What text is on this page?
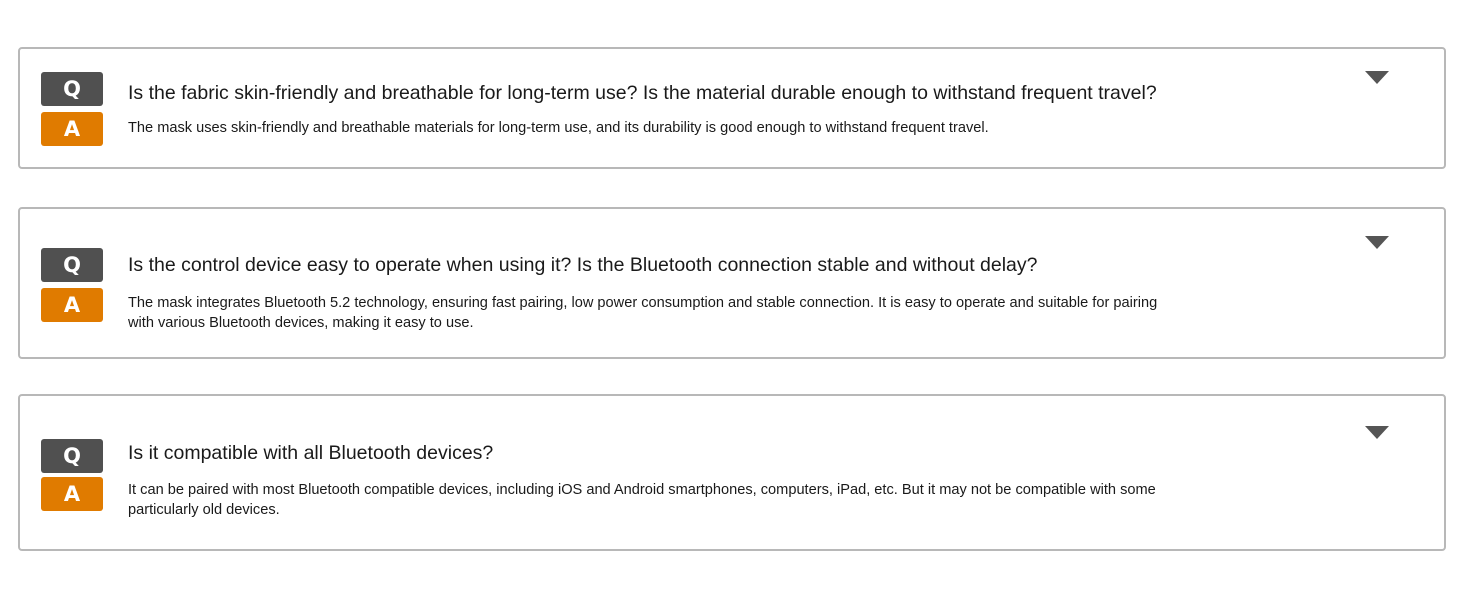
Q
A
Is the fabric skin-friendly and breathable for long-term use? Is the material durable enough to withstand frequent travel?
The mask uses skin-friendly and breathable materials for long-term use, and its durability is good enough to withstand frequent travel.
Q
A
Is the control device easy to operate when using it? Is the Bluetooth connection stable and without delay?
The mask integrates Bluetooth 5.2 technology, ensuring fast pairing, low power consumption and stable connection. It is easy to operate and suitable for pairing with various Bluetooth devices, making it easy to use.
Q
A
Is it compatible with all Bluetooth devices?
It can be paired with most Bluetooth compatible devices, including iOS and Android smartphones, computers, iPad, etc. But it may not be compatible with some particularly old devices.
